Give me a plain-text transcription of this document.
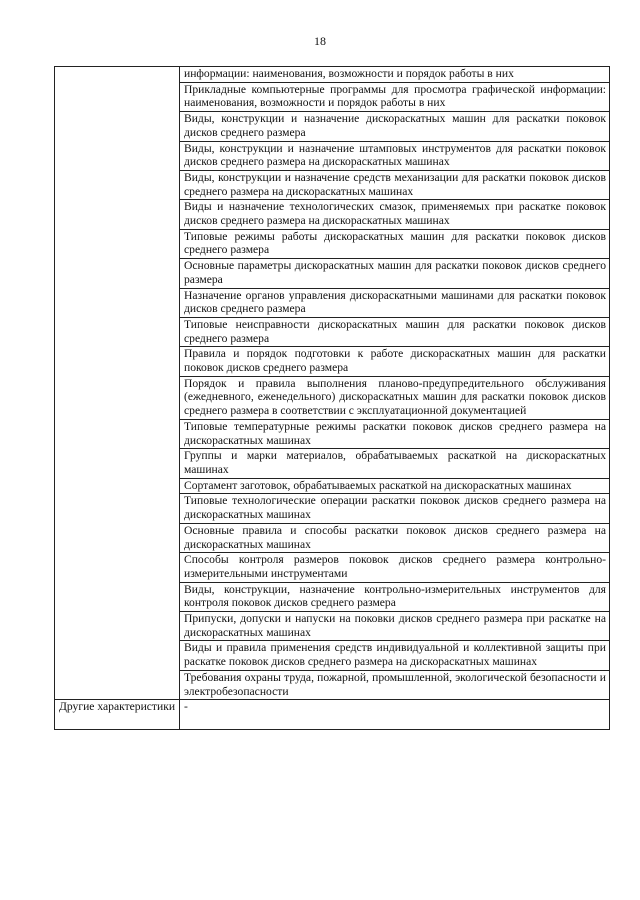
18
	информации: наименования, возможности и порядок работы в них
	Прикладные компьютерные программы для просмотра графической информации: наименования, возможности и порядок работы в них
	Виды, конструкции и назначение дискораскатных машин для раскатки поковок дисков среднего размера
	Виды, конструкции и назначение штамповых инструментов для раскатки поковок дисков среднего размера на дискораскатных машинах
	Виды, конструкции и назначение средств механизации для раскатки поковок дисков среднего размера на дискораскатных машинах
	Виды и назначение технологических смазок, применяемых при раскатке поковок дисков среднего размера на дискораскатных машинах
	Типовые режимы работы дискораскатных машин для раскатки поковок дисков среднего размера
	Основные параметры дискораскатных машин для раскатки поковок дисков среднего размера
	Назначение органов управления дискораскатными машинами для раскатки поковок дисков среднего размера
	Типовые неисправности дискораскатных машин для раскатки поковок дисков среднего размера
	Правила и порядок подготовки к работе дискораскатных машин для раскатки поковок дисков среднего размера
	Порядок и правила выполнения планово-предупредительного обслуживания (ежедневного, еженедельного) дискораскатных машин для раскатки поковок дисков среднего размера в соответствии с эксплуатационной документацией
	Типовые температурные режимы раскатки поковок дисков среднего размера на дискораскатных машинах
	Группы и марки материалов, обрабатываемых раскаткой на дискораскатных машинах
	Сортамент заготовок, обрабатываемых раскаткой на дискораскатных машинах
	Типовые технологические операции раскатки поковок дисков среднего размера на дискораскатных машинах
	Основные правила и способы раскатки поковок дисков среднего размера на дискораскатных машинах
	Способы контроля размеров поковок дисков среднего размера контрольно-измерительными инструментами
	Виды, конструкции, назначение контрольно-измерительных инструментов для контроля поковок дисков среднего размера
	Припуски, допуски и напуски на поковки дисков среднего размера при раскатке на дискораскатных машинах
	Виды и правила применения средств индивидуальной и коллективной защиты при раскатке поковок дисков среднего размера на дискораскатных машинах
	Требования охраны труда, пожарной, промышленной, экологической безопасности и электробезопасности
Другие характеристики	-
